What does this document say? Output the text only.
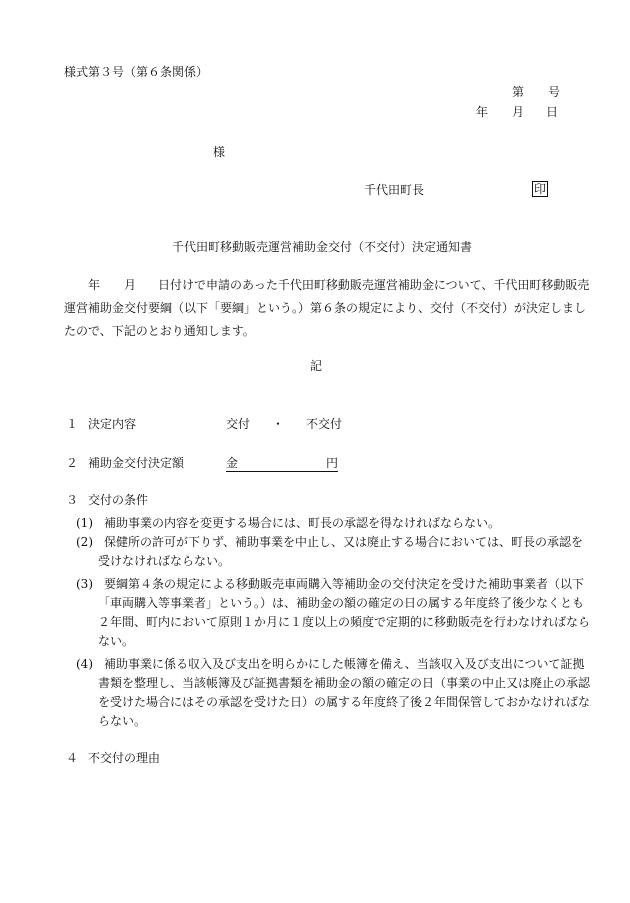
様式第３号（第６条関係）
第 号
年 月 日
様
千代田町長	印
千代田町移動販売運営補助金交付（不交付）決定通知書
年 月 日付けで申請のあった千代田町移動販売運営補助金について、千代田町移動販売
運営補助金交付要綱（以下「要綱」という。）第６条の規定により、交付（不交付）が決定しまし
たので、下記のとおり通知します。
記
１ 決定内容	交付 ・ 不交付
２ 補助金交付決定額	金	円
３ 交付の条件
(1) 補助事業の内容を変更する場合には、町長の承認を得なければならない。
(2) 保健所の許可が下りず、補助事業を中止し、又は廃止する場合においては、町長の承認を
受けなければならない。
(3) 要綱第４条の規定による移動販売車両購入等補助金の交付決定を受けた補助事業者（以下
「車両購入等事業者」という。）は、補助金の額の確定の日の属する年度終了後少なくとも
２年間、町内において原則１か月に１度以上の頻度で定期的に移動販売を行わなければなら
ない。
(4) 補助事業に係る収入及び支出を明らかにした帳簿を備え、当該収入及び支出について証拠
書類を整理し、当該帳簿及び証拠書類を補助金の額の確定の日（事業の中止又は廃止の承認
を受けた場合にはその承認を受けた日）の属する年度終了後２年間保管しておかなければな
らない。
４ 不交付の理由
